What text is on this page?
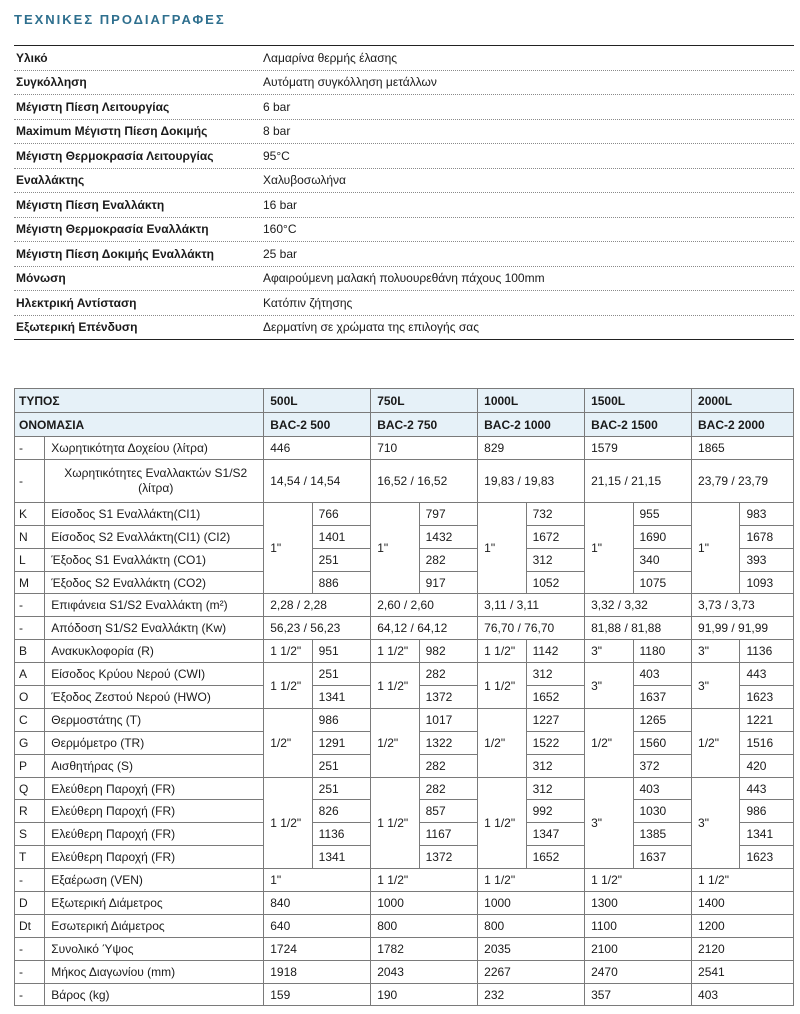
ΤΕΧΝΙΚΕΣ ΠΡΟΔΙΑΓΡΑΦΕΣ
Υλικό	Λαμαρίνα θερμής έλασης
Συγκόλληση	Αυτόματη συγκόλληση μετάλλων
Μέγιστη Πίεση Λειτουργίας	6 bar
Maximum Μέγιστη Πίεση Δοκιμής	8 bar
Μέγιστη Θερμοκρασία Λειτουργίας	95°C
Εναλλάκτης	Χαλυβοσωλήνα
Μέγιστη Πίεση Εναλλάκτη	16 bar
Μέγιστη Θερμοκρασία Εναλλάκτη	160°C
Μέγιστη Πίεση Δοκιμής Εναλλάκτη	25 bar
Μόνωση	Αφαιρούμενη μαλακή πολυουρεθάνη πάχους 100mm
Ηλεκτρική Αντίσταση	Κατόπιν ζήτησης
Εξωτερική Επένδυση	Δερματίνη σε χρώματα της επιλογής σας
ΤΥΠΟΣ		500L		750L		1000L		1500L		2000L	
ΟΝΟΜΑΣΙΑ		BAC-2 500		BAC-2 750		BAC-2 1000		BAC-2 1500		BAC-2 2000	
-	Χωρητικότητα Δοχείου (λίτρα)	446		710		829		1579		1865	
-	Χωρητικότητες Εναλλακτών S1/S2 (λίτρα)	14,54 / 14,54		16,52 / 16,52		19,83 / 19,83		21,15 / 21,15		23,79 / 23,79	
K	Είσοδος S1 Εναλλάκτη(CI1)	1"	766	1"	797	1"	732	1"	955	1"	983
N	Είσοδος S2 Εναλλάκτη(CI1) (CI2)		1401		1432		1672		1690		1678
L	Έξοδος S1 Εναλλάκτη (CO1)		251		282		312		340		393
M	Έξοδος S2 Εναλλάκτη (CO2)		886		917		1052		1075		1093
-	Επιφάνεια S1/S2 Εναλλάκτη (m²)	2,28 / 2,28		2,60 / 2,60		3,11 / 3,11		3,32 / 3,32		3,73 / 3,73	
-	Απόδοση S1/S2 Εναλλάκτη (Kw)	56,23 / 56,23		64,12 / 64,12		76,70 / 76,70		81,88 / 81,88		91,99 / 91,99	
B	Ανακυκλοφορία (R)	1 1/2"	951	1 1/2"	982	1 1/2"	1142	3"	1180	3"	1136
A	Είσοδος Κρύου Νερού (CWI)	1 1/2"	251	1 1/2"	282	1 1/2"	312	3"	403	3"	443
O	Έξοδος Ζεστού Νερού (HWO)		1341		1372		1652		1637		1623
C	Θερμοστάτης (T)	1/2"	986	1/2"	1017	1/2"	1227	1/2"	1265	1/2"	1221
G	Θερμόμετρο (TR)		1291		1322		1522		1560		1516
P	Αισθητήρας (S)		251		282		312		372		420
Q	Ελεύθερη Παροχή (FR)	1 1/2"	251	1 1/2"	282	1 1/2"	312	3"	403	3"	443
R	Ελεύθερη Παροχή (FR)		826		857		992		1030		986
S	Ελεύθερη Παροχή (FR)		1136		1167		1347		1385		1341
T	Ελεύθερη Παροχή (FR)		1341		1372		1652		1637		1623
-	Εξαέρωση (VEN)	1"		1 1/2"		1 1/2"		1 1/2"		1 1/2"	
D	Εξωτερική Διάμετρος	840		1000		1000		1300		1400	
Dt	Εσωτερική Διάμετρος	640		800		800		1100		1200	
-	Συνολικό Ύψος	1724		1782		2035		2100		2120	
-	Μήκος Διαγωνίου (mm)	1918		2043		2267		2470		2541	
-	Βάρος (kg)	159		190		232		357		403	
